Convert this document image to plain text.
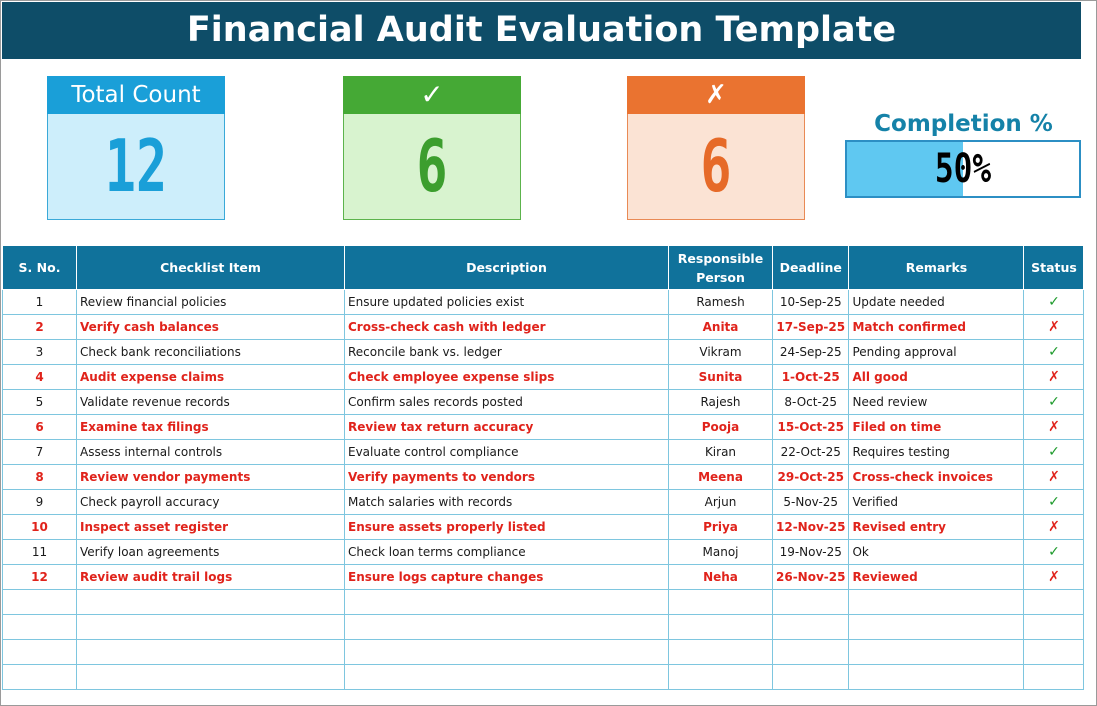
Financial Audit Evaluation Template
Total Count
12
✓
6
✗
6	Completion %
50%
S. No.	Checklist Item	Description	Responsible Person	Deadline	Remarks	Status
1	Review financial policies	Ensure updated policies exist	Ramesh	10-Sep-25	Update needed	✓
2	Verify cash balances	Cross-check cash with ledger	Anita	17-Sep-25	Match confirmed	✗
3	Check bank reconciliations	Reconcile bank vs. ledger	Vikram	24-Sep-25	Pending approval	✓
4	Audit expense claims	Check employee expense slips	Sunita	1-Oct-25	All good	✗
5	Validate revenue records	Confirm sales records posted	Rajesh	8-Oct-25	Need review	✓
6	Examine tax filings	Review tax return accuracy	Pooja	15-Oct-25	Filed on time	✗
7	Assess internal controls	Evaluate control compliance	Kiran	22-Oct-25	Requires testing	✓
8	Review vendor payments	Verify payments to vendors	Meena	29-Oct-25	Cross-check invoices	✗
9	Check payroll accuracy	Match salaries with records	Arjun	5-Nov-25	Verified	✓
10	Inspect asset register	Ensure assets properly listed	Priya	12-Nov-25	Revised entry	✗
11	Verify loan agreements	Check loan terms compliance	Manoj	19-Nov-25	Ok	✓
12	Review audit trail logs	Ensure logs capture changes	Neha	26-Nov-25	Reviewed	✗
